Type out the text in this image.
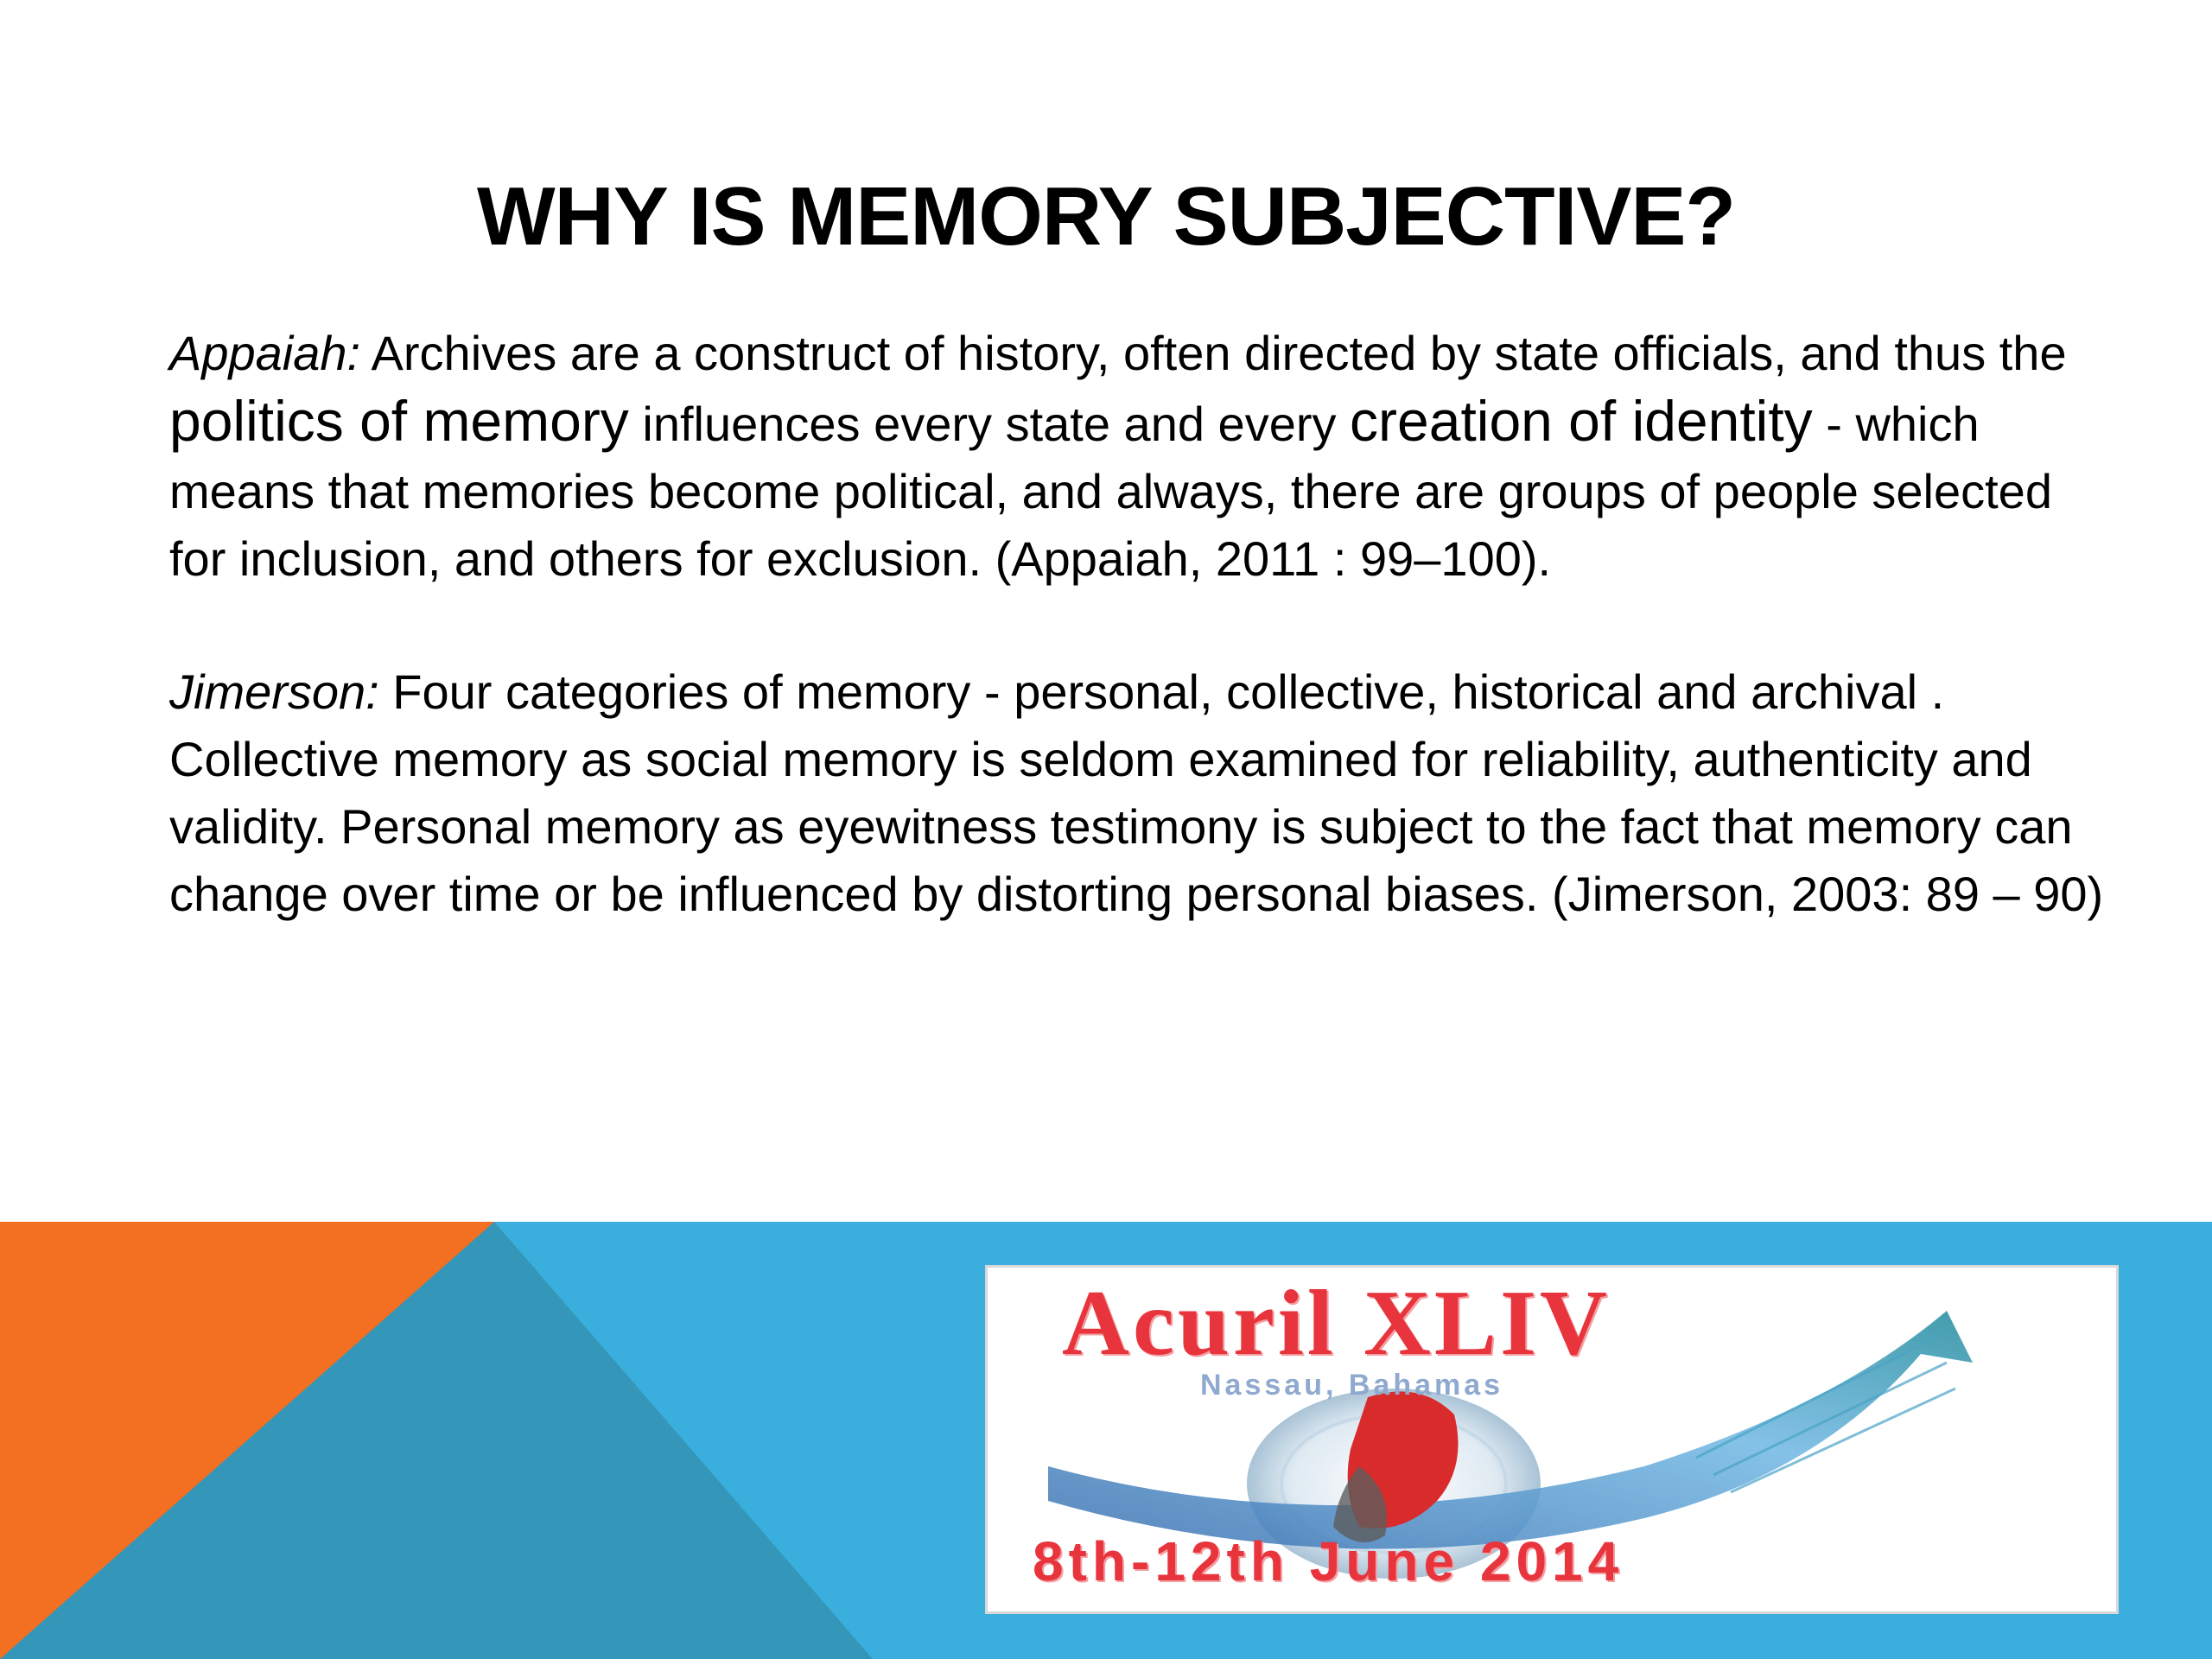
WHY IS MEMORY SUBJECTIVE?

Appaiah: Archives are a construct of history, often directed by state officials, and thus the politics of memory influences every state and every creation of identity - which means that memories become political, and always, there are groups of people selected for inclusion, and others for exclusion. (Appaiah, 2011 : 99–100).

Jimerson: Four categories of memory - personal, collective, historical and archival . Collective memory as social memory is seldom examined for reliability, authenticity and validity. Personal memory as eyewitness testimony is subject to the fact that memory can change over time or be influenced by distorting personal biases. (Jimerson, 2003: 89 – 90)

Acuril XLIV
Nassau, Bahamas
8th-12th June 2014
